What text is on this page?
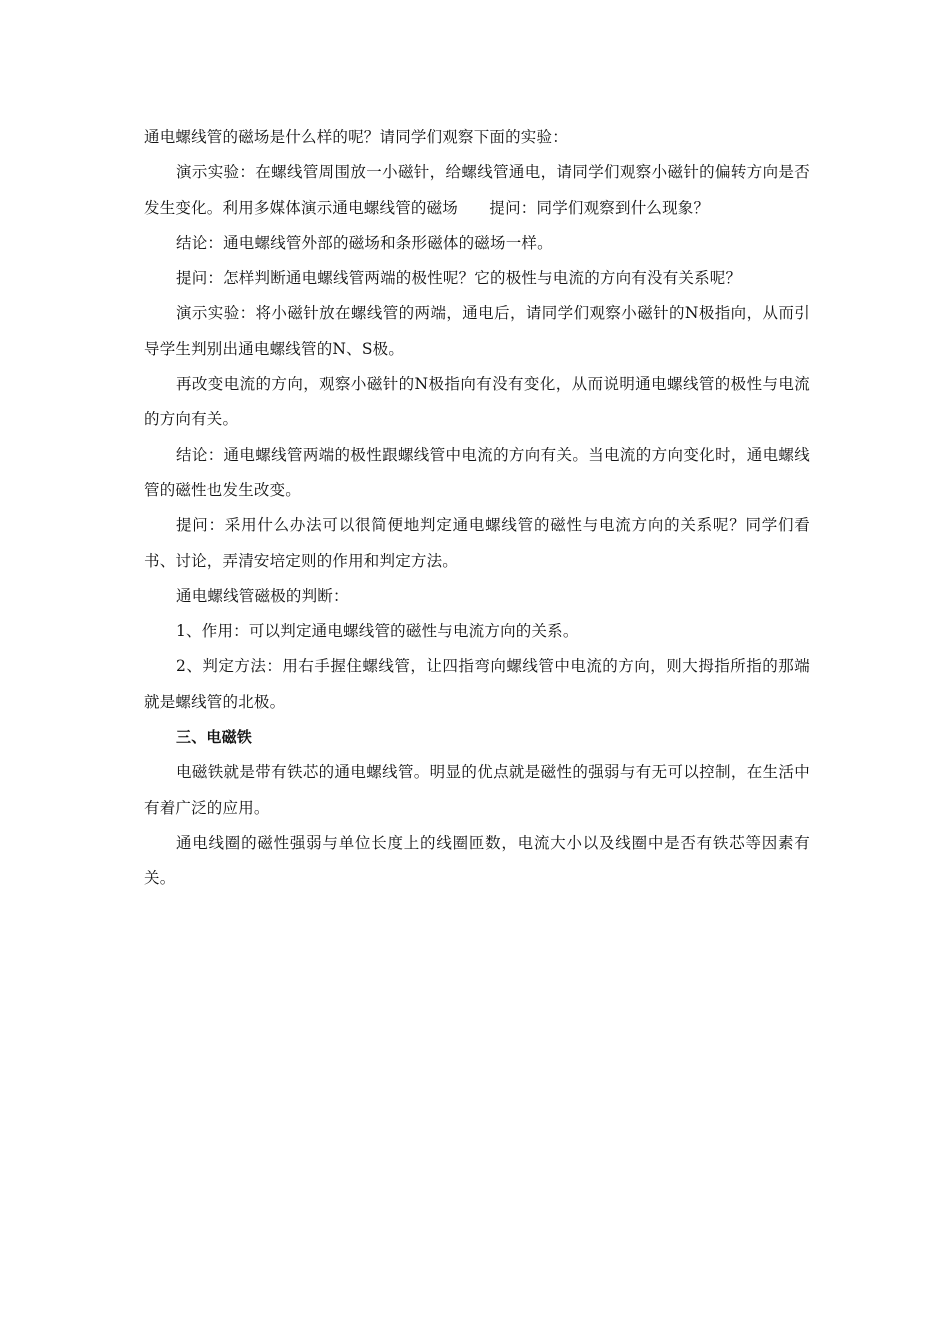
通电螺线管的磁场是什么样的呢？请同学们观察下面的实验：

演示实验：在螺线管周围放一小磁针，给螺线管通电，请同学们观察小磁针的偏转方向是否发生变化。利用多媒体演示通电螺线管的磁场　　提问：同学们观察到什么现象？

结论：通电螺线管外部的磁场和条形磁体的磁场一样。

提问：怎样判断通电螺线管两端的极性呢？它的极性与电流的方向有没有关系呢？

演示实验：将小磁针放在螺线管的两端，通电后，请同学们观察小磁针的N极指向，从而引导学生判别出通电螺线管的N、S极。

再改变电流的方向，观察小磁针的N极指向有没有变化，从而说明通电螺线管的极性与电流的方向有关。

结论：通电螺线管两端的极性跟螺线管中电流的方向有关。当电流的方向变化时，通电螺线管的磁性也发生改变。

提问：采用什么办法可以很简便地判定通电螺线管的磁性与电流方向的关系呢？同学们看书、讨论，弄清安培定则的作用和判定方法。

通电螺线管磁极的判断：

1、作用：可以判定通电螺线管的磁性与电流方向的关系。

2、判定方法：用右手握住螺线管，让四指弯向螺线管中电流的方向，则大拇指所指的那端就是螺线管的北极。

三、电磁铁

电磁铁就是带有铁芯的通电螺线管。明显的优点就是磁性的强弱与有无可以控制，在生活中有着广泛的应用。

通电线圈的磁性强弱与单位长度上的线圈匝数，电流大小以及线圈中是否有铁芯等因素有关。
